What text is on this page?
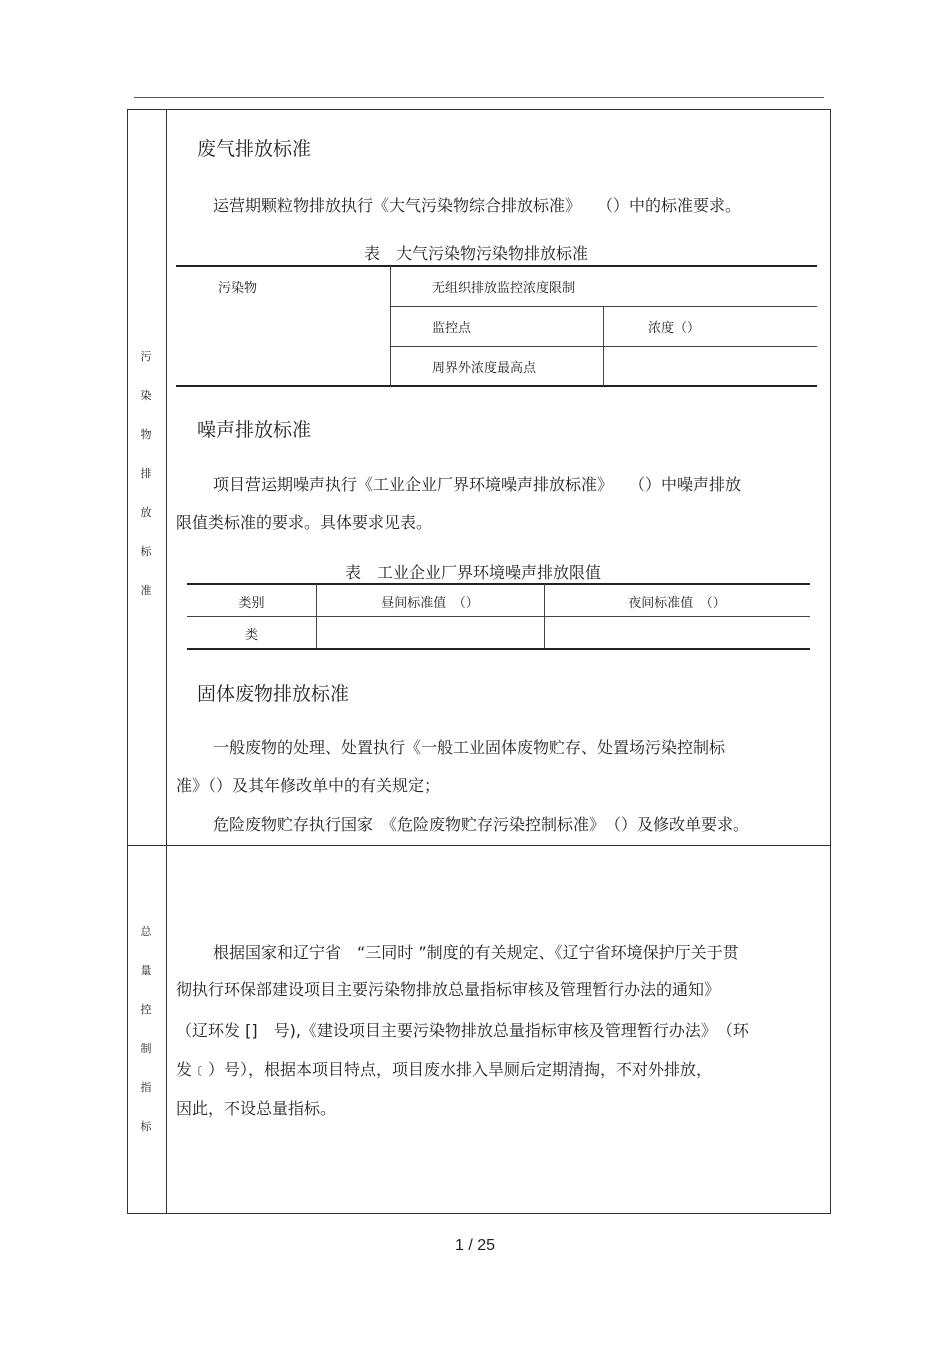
污
染
物
排
放
标
准
总
量
控
制
指
标
废气排放标准
运营期颗粒物排放执行《大气污染物综合排放标准》　　（）中的标准要求。
表　大气污染物污染物排放标准
污染物	无组织排放监控浓度限制
监控点	浓度（）
周界外浓度最高点
噪声排放标准
项目营运期噪声执行《工业企业厂界环境噪声排放标准》　　（）中噪声排放
限值类标准的要求。具体要求见表。
表　工业企业厂界环境噪声排放限值
类别	昼间标准值　（）	夜间标准值　（）
类
固体废物排放标准
一般废物的处理、处置执行《一般工业固体废物贮存、处置场污染控制标
准》（）及其年修改单中的有关规定；
危险废物贮存执行国家　《危险废物贮存污染控制标准》　（）及修改单要求。
根据国家和辽宁省　“三同时 ”制度的有关规定、《辽宁省环境保护厅关于贯
彻执行环保部建设项目主要污染物排放总量指标审核及管理暂行办法的通知》
（辽环发 []　号),《建设项目主要污染物排放总量指标审核及管理暂行办法》　（环
发﹝）号），根据本项目特点，项目废水排入旱厕后定期清掏，不对外排放，
因此，不设总量指标。
1 / 25
